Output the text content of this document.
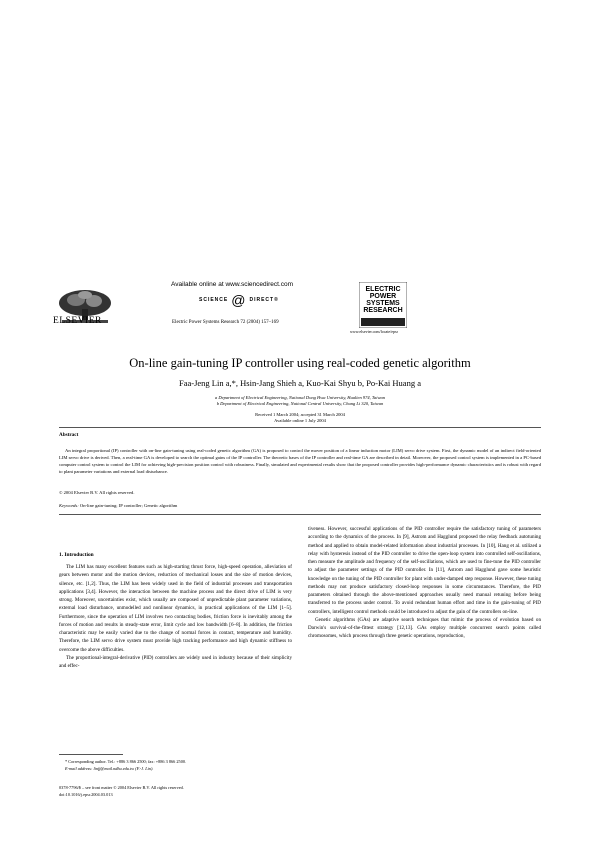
ELSEVIER
Available online at www.sciencedirect.com
SCIENCE @ DIRECT®
Electric Power Systems Research 72 (2004) 157–169
ELECTRIC
POWER
SYSTEMS
RESEARCH
www.elsevier.com/locate/epsr
On-line gain-tuning IP controller using real-coded genetic algorithm
Faa-Jeng Lin a,*, Hsin-Jang Shieh a, Kuo-Kai Shyu b, Po-Kai Huang a
a Department of Electrical Engineering, National Dong Hwa University, Hualien 974, Taiwan
b Department of Electrical Engineering, National Central University, Chung Li 320, Taiwan
Received 1 March 2004; accepted 31 March 2004
Available online 1 July 2004
Abstract
An integral proportional (IP) controller with on-line gain-tuning using real-coded genetic algorithm (GA) is proposed to control the mover position of a linear induction motor (LIM) servo drive system. First, the dynamic model of an indirect field-oriented LIM servo drive is derived. Then, a real-time GA is developed to search the optimal gains of the IP controller. The theoretic bases of the IP controller and real-time GA are described in detail. Moreover, the proposed control system is implemented in a PC-based computer control system to control the LIM for achieving high-precision position control with robustness. Finally, simulated and experimental results show that the proposed controller provides high-performance dynamic characteristics and is robust with regard to plant parameter variations and external load disturbance.
© 2004 Elsevier B.V. All rights reserved.
Keywords: On-line gain-tuning; IP controller; Genetic algorithm
1. Introduction

The LIM has many excellent features such as high-starting thrust force, high-speed operation, alleviation of gears between motor and the motion devices, reduction of mechanical losses and the size of motion devices, silence, etc. [1,2]. Thus, the LIM has been widely used in the field of industrial processes and transportation applications [3,4]. However, the interaction between the machine process and the direct drive of LIM is very strong. Moreover, uncertainties exist, which usually are composed of unpredictable plant parameter variations, external load disturbance, unmodelled and nonlinear dynamics, in practical applications of the LIM [1–5]. Furthermore, since the operation of LIM involves two contacting bodies, friction force is inevitably among the forces of motion and results in steady-state error, limit cycle and low bandwidth [6–8]. In addition, the friction characteristic may be easily varied due to the change of normal forces in contact, temperature and humidity. Therefore, the LIM servo drive system must provide high tracking performance and high dynamic stiffness to overcome the above difficulties.

The proportional-integral-derivative (PID) controllers are widely used in industry because of their simplicity and effec-

tiveness. However, successful applications of the PID controller require the satisfactory tuning of parameters according to the dynamics of the process. In [9], Astrom and Hagglund proposed the relay feedback autotuning method and applied to obtain model-related information about industrial processes. In [10], Hang et al. utilized a relay with hysteresis instead of the PID controller to drive the open-loop system into controlled self-oscillations, then measure the amplitude and frequency of the self-oscillations, which are used to fine-tune the PID controller to adjust the parameter settings of the PID controller. In [11], Astrom and Hagglund gave some heuristic knowledge on the tuning of the PID controller for plant with under-damped step response. However, these tuning methods may not produce satisfactory closed-loop responses in some circumstances. Therefore, the PID parameters obtained through the above-mentioned approaches usually need manual retuning before being transferred to the process under control. To avoid redundant human effort and time in the gain-tuning of PID controllers, intelligent control methods could be introduced to adjust the gain of the controllers on-line.

Genetic algorithms (GAs) are adaptive search techniques that mimic the process of evolution based on Darwin's survival-of-the-fittest strategy [12,13]. GAs employ multiple concurrent search points called chromosomes, which process through three genetic operations, reproduction,

* Corresponding author. Tel.: +886 3 866 2500; fax: +886 3 866 2500.
E-mail address: linfj@mail.ndhu.edu.tw (F.-J. Lin).
0378-7796/$ – see front matter © 2004 Elsevier B.V. All rights reserved.
doi:10.1016/j.epsr.2004.03.013
